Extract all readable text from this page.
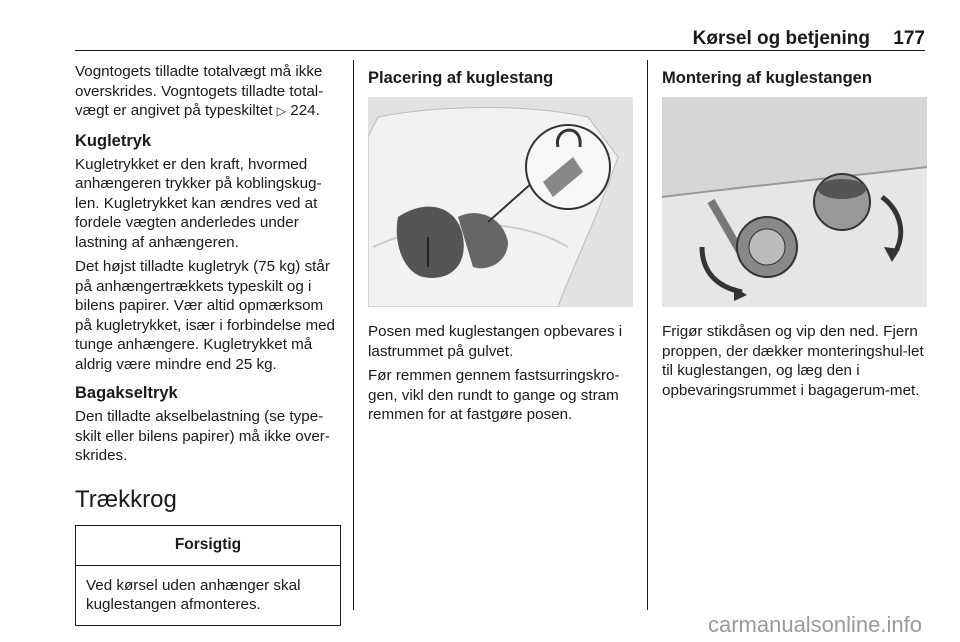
Kørsel og betjening 177

Vogntogets tilladte totalvægt må ikke overskrides. Vogntogets tilladte total-vægt er angivet på typeskiltet ▷ 224.

Kugletryk

Kugletrykket er den kraft, hvormed anhængeren trykker på koblingskug-len. Kugletrykket kan ændres ved at fordele vægten anderledes under lastning af anhængeren.

Det højst tilladte kugletryk (75 kg) står på anhængertrækkets typeskilt og i bilens papirer. Vær altid opmærksom på kugletrykket, især i forbindelse med tunge anhængere. Kugletrykket må aldrig være mindre end 25 kg.

Bagakseltryk

Den tilladte akselbelastning (se type-skilt eller bilens papirer) må ikke over-skrides.

Trækkrog
Forsigtig
Ved kørsel uden anhænger skal kuglestangen afmonteres.
Placering af kuglestang

Posen med kuglestangen opbevares i lastrummet på gulvet.

Før remmen gennem fastsurringskro-gen, vikl den rundt to gange og stram remmen for at fastgøre posen.

Montering af kuglestangen

Frigør stikdåsen og vip den ned. Fjern proppen, der dækker monteringshul-let til kuglestangen, og læg den i opbevaringsrummet i bagagerum-met.

carmanualsonline.info
